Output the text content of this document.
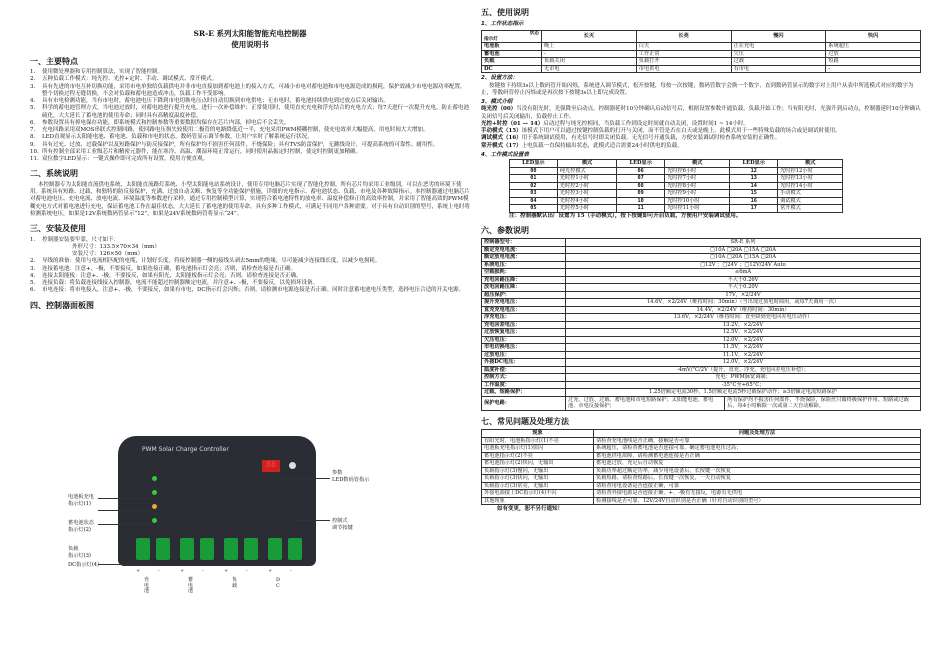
SR-E 系列太阳能智能充电控制器
使用说明书
一、主要特点
1.	使用微处理器和专用控制算法，实现了智能控制。
2.	五种负载工作模式：纯光控、光控+定时、手动、调试模式、常开模式。
3.	具有先进的市电互补切换功能，采用市电单独给负载供电并非市电直接加到蓄电池上的接入方式，可减小市电对蓄电池和市电电源造成的损耗，保护效减少市电电源功率配置，整个切换过程无缝切换，不会对负载和蓄电池造成冲击，负载工作不受影响。
4.	具有市电检测功能，当有市电时，蓄电池电压下降到市电切换电压点时自动切换到市电供电；无市电时，蓄电池持续供电到过放点后关闭输出。
5.	科学的蓄电池管理方式，当电池过放时，对蓄电池进行提升充电，进行一次补偿维护；正常使用时，使用直充充电和浮充结合的充电方式；每7天进行一次提升充电，防止蓄电池硫化，大大延长了蓄电池的使用寿命；同时具有高精度温度补偿。
6.	参数设置具有掉电保存功能，即系统模式和控制参数等重要数据均保存在芯片内部，掉电后不会丢失。
7.	充电回路采用双MOS串联式控制回路，使回路电压损失较使用二极管的电路降低近一半，充电采用PWM模糊控制，使充电效率大幅提高，用电时间大大增加。
8.	LED直观显示太阳能电池、蓄电池、负载和市电的状态，数码管显示调节参数，让用户实时了解系统运行状况。
9.	具有过充、过放、过载保护以及短路保护与防反接保护，所有保护均不损害任何部件，不烧保险；具有TVS防雷保护，无跳线设计，可提高系统的可靠性、耐用性。
10. 所有控制全部采用工业级芯片和精密元器件，能在寒冷、高温、潮湿环境正常运行，同时使用晶振定时控制，使定时控制更加精确。
11. 双位数字LED显示：一键式操作即可完成所有设置，使用方便直观。
二、系统说明
本控制器专为太阳能直流供电系统、太阳能直流路灯系统、小型太阳能电站系统设计，使用专用电脑芯片实现了智能化控制。所有芯片均采用工业级别，可以在恶劣的环境下使用。系统具有短路、过载、和独特的防反接保护，充满、过放自动关断、恢复等全功能保护措施，详细的充电指示、蓄电池状态、负载、市电及各种故障指示。本控制器通过电脑芯片对蓄电池电压、充电电流、放电电流、环境温度等参数进行采样，通过专用控制模型计算，实现符合蓄电池特性的放电率、温度补偿修正的高效率控制，并采用了智能高效的PWM模糊充电方式对蓄电池进行充电，保证蓄电池工作在最佳状态，大大延长了蓄电池的使用寿命。具有多种工作模式，可满足不同用户各种需要。对于具有自动识别的型号，系统上电时将检测系统电压，如果是12V系统数码管显示“12”，如果是24V系统数码管将显示“24”。
三、安装及使用
1.	控制器安装要牢靠，尺寸如下：
外形尺寸：133.5×70×34（mm）
安装尺寸：126×50（mm）
2.	导线的准备：使用与电流相匹配的电缆，计划好长度，将接控制器一侧的接线头剥去5mm的绝缘，尽可能减少连接线长度，以减少电损耗。
3.	连接蓄电池：注意+、-极，不要接反，如果连接正确，蓄电池指示灯会亮；否则，请检查连接是否正确。
4.	连接太阳能板：注意+、-极，不要接反，如果有阳光，太阳能板指示灯会亮；否则，请检查连接是否正确。
5.	连接负载：将负载连接线接入控制器，电流不能超过控制器额定电流，并注意+、-极，不要接反，以免损坏设备。
6.	市电连接：将市电接入，注意+、-极，不要接反，如果有市电，DC指示灯会闪烁；否则，请检测市电源连接是否正确。同时注意蓄电池电压类型，选择电压合适的开关电源。
四、控制器面板图
PWM Solar Charge Controller
88
电池板充电
指示灯(1)
蓄电池状态
指示灯(2)
负载
指示灯(3)
DC指示灯(4)
参数
LED数码管指示
控制式
调节按键
+	-	+	-	+	-	+	-
充电池
蓄电池
负载
DC
五、使用说明
1、工作状态指示
状态
指示灯	长灭	长亮	慢闪	快闪
电池板	晚上	白天	正在充电	系统超压
蓄电池	-	工作正常	欠压	过放
负载	负载关闭	负载打开	过载	短路
DC	无市电	市电供电	有市电	-
2、设置方法：
按键按下持续3s以上数码管开始闪烁，系统进入调节模式，松开按键，每按一次按键，数码管数字会换一个数字，直到数码管显示的数字对上用户从表中所选模式对应的数字为止，等数码管停止闪烁或是再次按下按键3s以上即完成设置。
3、模式介绍
纯光控（00）当没有阳光时，光强降至启动点，控制器延时10分钟确认启动信号后，根据设置参数开通负载，负载开始工作；当有阳光时，光强升到启动点，控制器延时10分钟确认关闭信号后关闭输出，负载停止工作。
光控+时控（01 — 14）启动过程与纯光控相同，当负载工作到设定时间就自动关闭，设置时间1 ~ 14小时。
手动模式（15）该模式下用户可以通过按键控制负载的打开与关闭，而不管是否在白天或是晚上。此模式用于一些特殊负载的场合或是调试时使用。
调试模式（16）用于系统调试使用，有光信号时即关闭负载，无光信号开通负载，方便安装调试时检查系统安装的正确性。
常开模式（17）上电负载一直保持输出状态，此模式适合需要24小时供电的负载。
4、工作模式设置表
LED显示	模式	LED显示	模式	LED显示	模式
00	纯光控模式	06	光时控6小时	12	光时控12小时
01	光时控1小时	07	光时控7小时	13	光时控13小时
02	光时控2小时	08	光时控8小时	14	光时控14小时
03	光时控3小时	09	光时控9小时	15	手动模式
04	光时控4小时	10	光时控10小时	16	调试模式
05	光时控5小时	11	光时控11小时	17	常开模式
注：控制器默认出厂设置为 15（手动模式），按下按键即可开启负载，方便用户安装调试使用。
六、参数说明
控制器型号：	SR-E 系列
额定充电电流：	□10A □20A □15A □20A
额定放电电流：	□10A □20A □15A □20A
系统电压：	□12V ；□24V ；□12V/24V Auto
空载损耗：	≤6mA
充电回路压降：	不大于0.26V
放电回路压降：	不大于0.20V
超压保护：	17V，×2/24V
提升充电电压：	14.6V，×2/24V（维持时间：30min）（当出现过放电时调用，或每7天调用一次）
直充充电电压：	14.4V，×2/24V（维持时间：30min）
浮充电压：	13.6V，×2/24V（维持时间：直至降到充电回差电压动作）
充电回差电压：	13.2V，×2/24V
过放恢复电压：	12.5V，×2/24V
欠压电压：	12.0V，×2/24V
市电切换电压：	11.5V，×2/24V
过放电压：	11.1V，×2/24V
外接DC电压：	12.0V，×2/24V
温度补偿：	-4mV/°C/2V（提升、直充、浮充、充电回差电压补偿）；
控制方式：	充电：PWM脉宽调制；
工作温度：	-35°C至+65°C；
过载、短路保护：	1.25倍额定电流30秒，1.5倍额定电流5秒过载保护动作；≥3倍额定电流短路保护
保护电路：	过充、过放、过载、蓄电池和市电短路保护；太阳能电池、蓄电池、市电反接保护；
所有保护均不损害任何部件，不烧保险，保险丝只做终极保护作用。短路或过载后，每4小时解除一次或第二天自动解除。
七、常见问题及处理方法
现象	问题及处理方法
有阳光时，电池板指示灯(1)不亮	请检查充电池线是否正确，接触是否可靠
电池板充电指示灯(1)快闪	系统超压，请检查蓄电池是否连接可靠，确定蓄电池电压过高；
蓄电池指示灯(2)不亮	蓄电池供电故障，请检测蓄电池连接是否正确
蓄电池指示灯(2)快闪，无输出	蓄电池过放，充足后自动恢复
负载指示灯(3)慢闪，无输出	负载功率超过额定功率，减少用电设备后，长按键一次恢复
负载指示灯(3)快闪，无输出	负载短路，请检查短路后，长按键一次恢复，一天自动恢复
负载指示灯(3)常亮，无输出	请检查用电设备是否连接正确，可靠
外接电源接上DC指示灯(4)不闪	请检查外接电源是否连接正确、+、-极有无接反，电源有无供电
其他现象	检测接线是否可靠，12V/24V自动识别是否正确（针对自动识别的型号）
如有变更，恕不另行通知！
